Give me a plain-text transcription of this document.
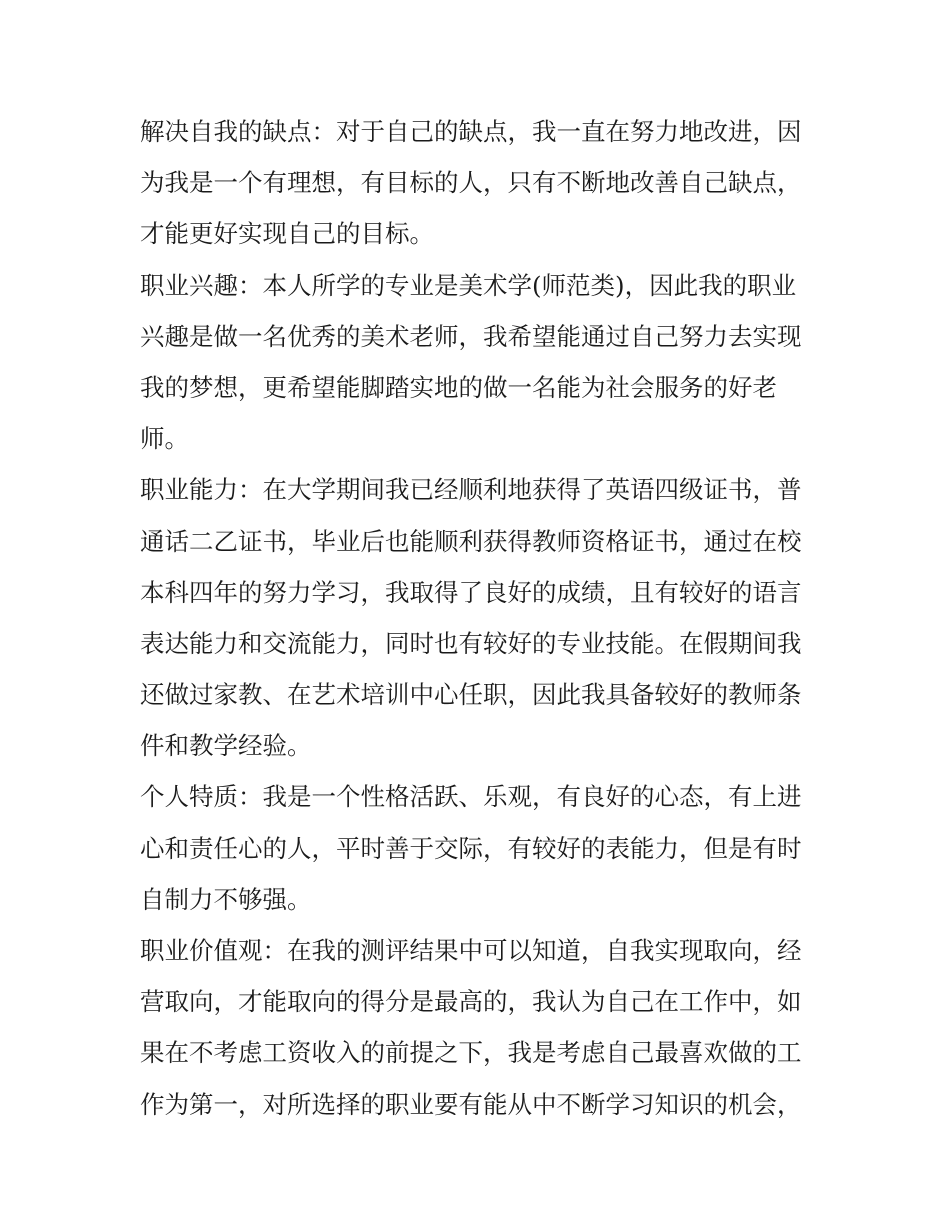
解决自我的缺点：对于自己的缺点，我一直在努力地改进，因
为我是一个有理想，有目标的人，只有不断地改善自己缺点，
才能更好实现自己的目标。
职业兴趣：本人所学的专业是美术学(师范类)，因此我的职业
兴趣是做一名优秀的美术老师，我希望能通过自己努力去实现
我的梦想，更希望能脚踏实地的做一名能为社会服务的好老
师。
职业能力：在大学期间我已经顺利地获得了英语四级证书，普
通话二乙证书，毕业后也能顺利获得教师资格证书，通过在校
本科四年的努力学习，我取得了良好的成绩，且有较好的语言
表达能力和交流能力，同时也有较好的专业技能。在假期间我
还做过家教、在艺术培训中心任职，因此我具备较好的教师条
件和教学经验。
个人特质：我是一个性格活跃、乐观，有良好的心态，有上进
心和责任心的人，平时善于交际，有较好的表能力，但是有时
自制力不够强。
职业价值观：在我的测评结果中可以知道，自我实现取向，经
营取向，才能取向的得分是最高的，我认为自己在工作中，如
果在不考虑工资收入的前提之下，我是考虑自己最喜欢做的工
作为第一，对所选择的职业要有能从中不断学习知识的机会，
